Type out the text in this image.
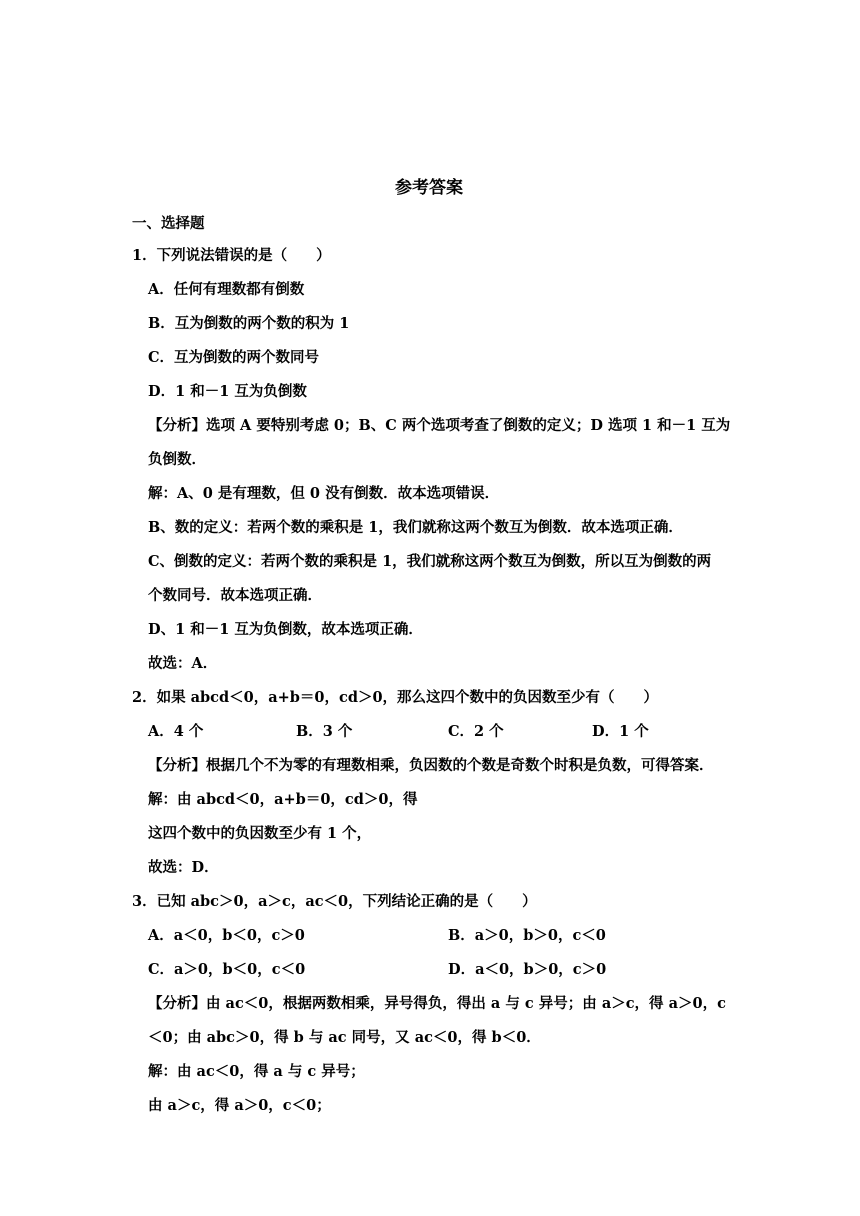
参考答案
一、选择题
1．下列说法错误的是（　　）
A．任何有理数都有倒数
B．互为倒数的两个数的积为 1
C．互为倒数的两个数同号
D．1 和－1 互为负倒数
【分析】选项 A 要特别考虑 0；B、C 两个选项考查了倒数的定义；D 选项 1 和－1 互为
负倒数．
解：A、0 是有理数，但 0 没有倒数．故本选项错误．
B、数的定义：若两个数的乘积是 1，我们就称这两个数互为倒数．故本选项正确．
C、倒数的定义：若两个数的乘积是 1，我们就称这两个数互为倒数，所以互为倒数的两
个数同号．故本选项正确．
D、1 和－1 互为负倒数，故本选项正确．
故选：A．
2．如果 abcd＜0，a+b＝0，cd＞0，那么这四个数中的负因数至少有（　　）
A．4 个	B．3 个	C．2 个	D．1 个
【分析】根据几个不为零的有理数相乘，负因数的个数是奇数个时积是负数，可得答案．
解：由 abcd＜0，a+b＝0，cd＞0，得
这四个数中的负因数至少有 1 个，
故选：D．
3．已知 abc＞0，a＞c，ac＜0，下列结论正确的是（　　）
A．a＜0，b＜0，c＞0	B．a＞0，b＞0，c＜0
C．a＞0，b＜0，c＜0	D．a＜0，b＞0，c＞0
【分析】由 ac＜0，根据两数相乘，异号得负，得出 a 与 c 异号；由 a＞c，得 a＞0，c
＜0；由 abc＞0，得 b 与 ac 同号，又 ac＜0，得 b＜0．
解：由 ac＜0，得 a 与 c 异号；
由 a＞c，得 a＞0，c＜0；
